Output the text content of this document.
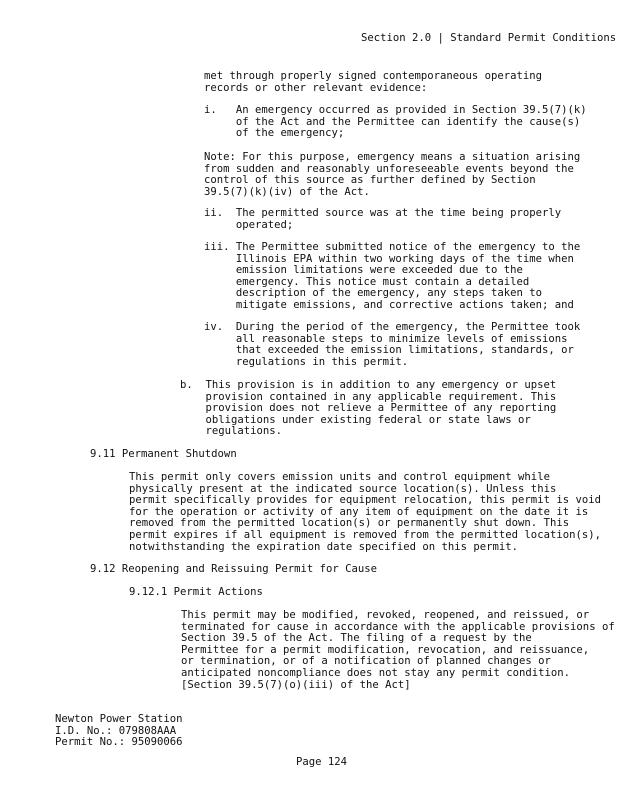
Section 2.0 | Standard Permit Conditions
met through properly signed contemporaneous operating
records or other relevant evidence:
i.   An emergency occurred as provided in Section 39.5(7)(k)
of the Act and the Permittee can identify the cause(s)
of the emergency;
Note: For this purpose, emergency means a situation arising
from sudden and reasonably unforeseeable events beyond the
control of this source as further defined by Section
39.5(7)(k)(iv) of the Act.
ii.  The permitted source was at the time being properly
operated;
iii. The Permittee submitted notice of the emergency to the
Illinois EPA within two working days of the time when
emission limitations were exceeded due to the
emergency. This notice must contain a detailed
description of the emergency, any steps taken to
mitigate emissions, and corrective actions taken; and
iv.  During the period of the emergency, the Permittee took
all reasonable steps to minimize levels of emissions
that exceeded the emission limitations, standards, or
regulations in this permit.
b.  This provision is in addition to any emergency or upset
provision contained in any applicable requirement. This
provision does not relieve a Permittee of any reporting
obligations under existing federal or state laws or
regulations.
9.11 Permanent Shutdown
This permit only covers emission units and control equipment while
physically present at the indicated source location(s). Unless this
permit specifically provides for equipment relocation, this permit is void
for the operation or activity of any item of equipment on the date it is
removed from the permitted location(s) or permanently shut down. This
permit expires if all equipment is removed from the permitted location(s),
notwithstanding the expiration date specified on this permit.
9.12 Reopening and Reissuing Permit for Cause
9.12.1 Permit Actions
This permit may be modified, revoked, reopened, and reissued, or
terminated for cause in accordance with the applicable provisions of
Section 39.5 of the Act. The filing of a request by the
Permittee for a permit modification, revocation, and reissuance,
or termination, or of a notification of planned changes or
anticipated noncompliance does not stay any permit condition.
[Section 39.5(7)(o)(iii) of the Act]
Newton Power Station
I.D. No.: 079808AAA
Permit No.: 95090066
Page 124
